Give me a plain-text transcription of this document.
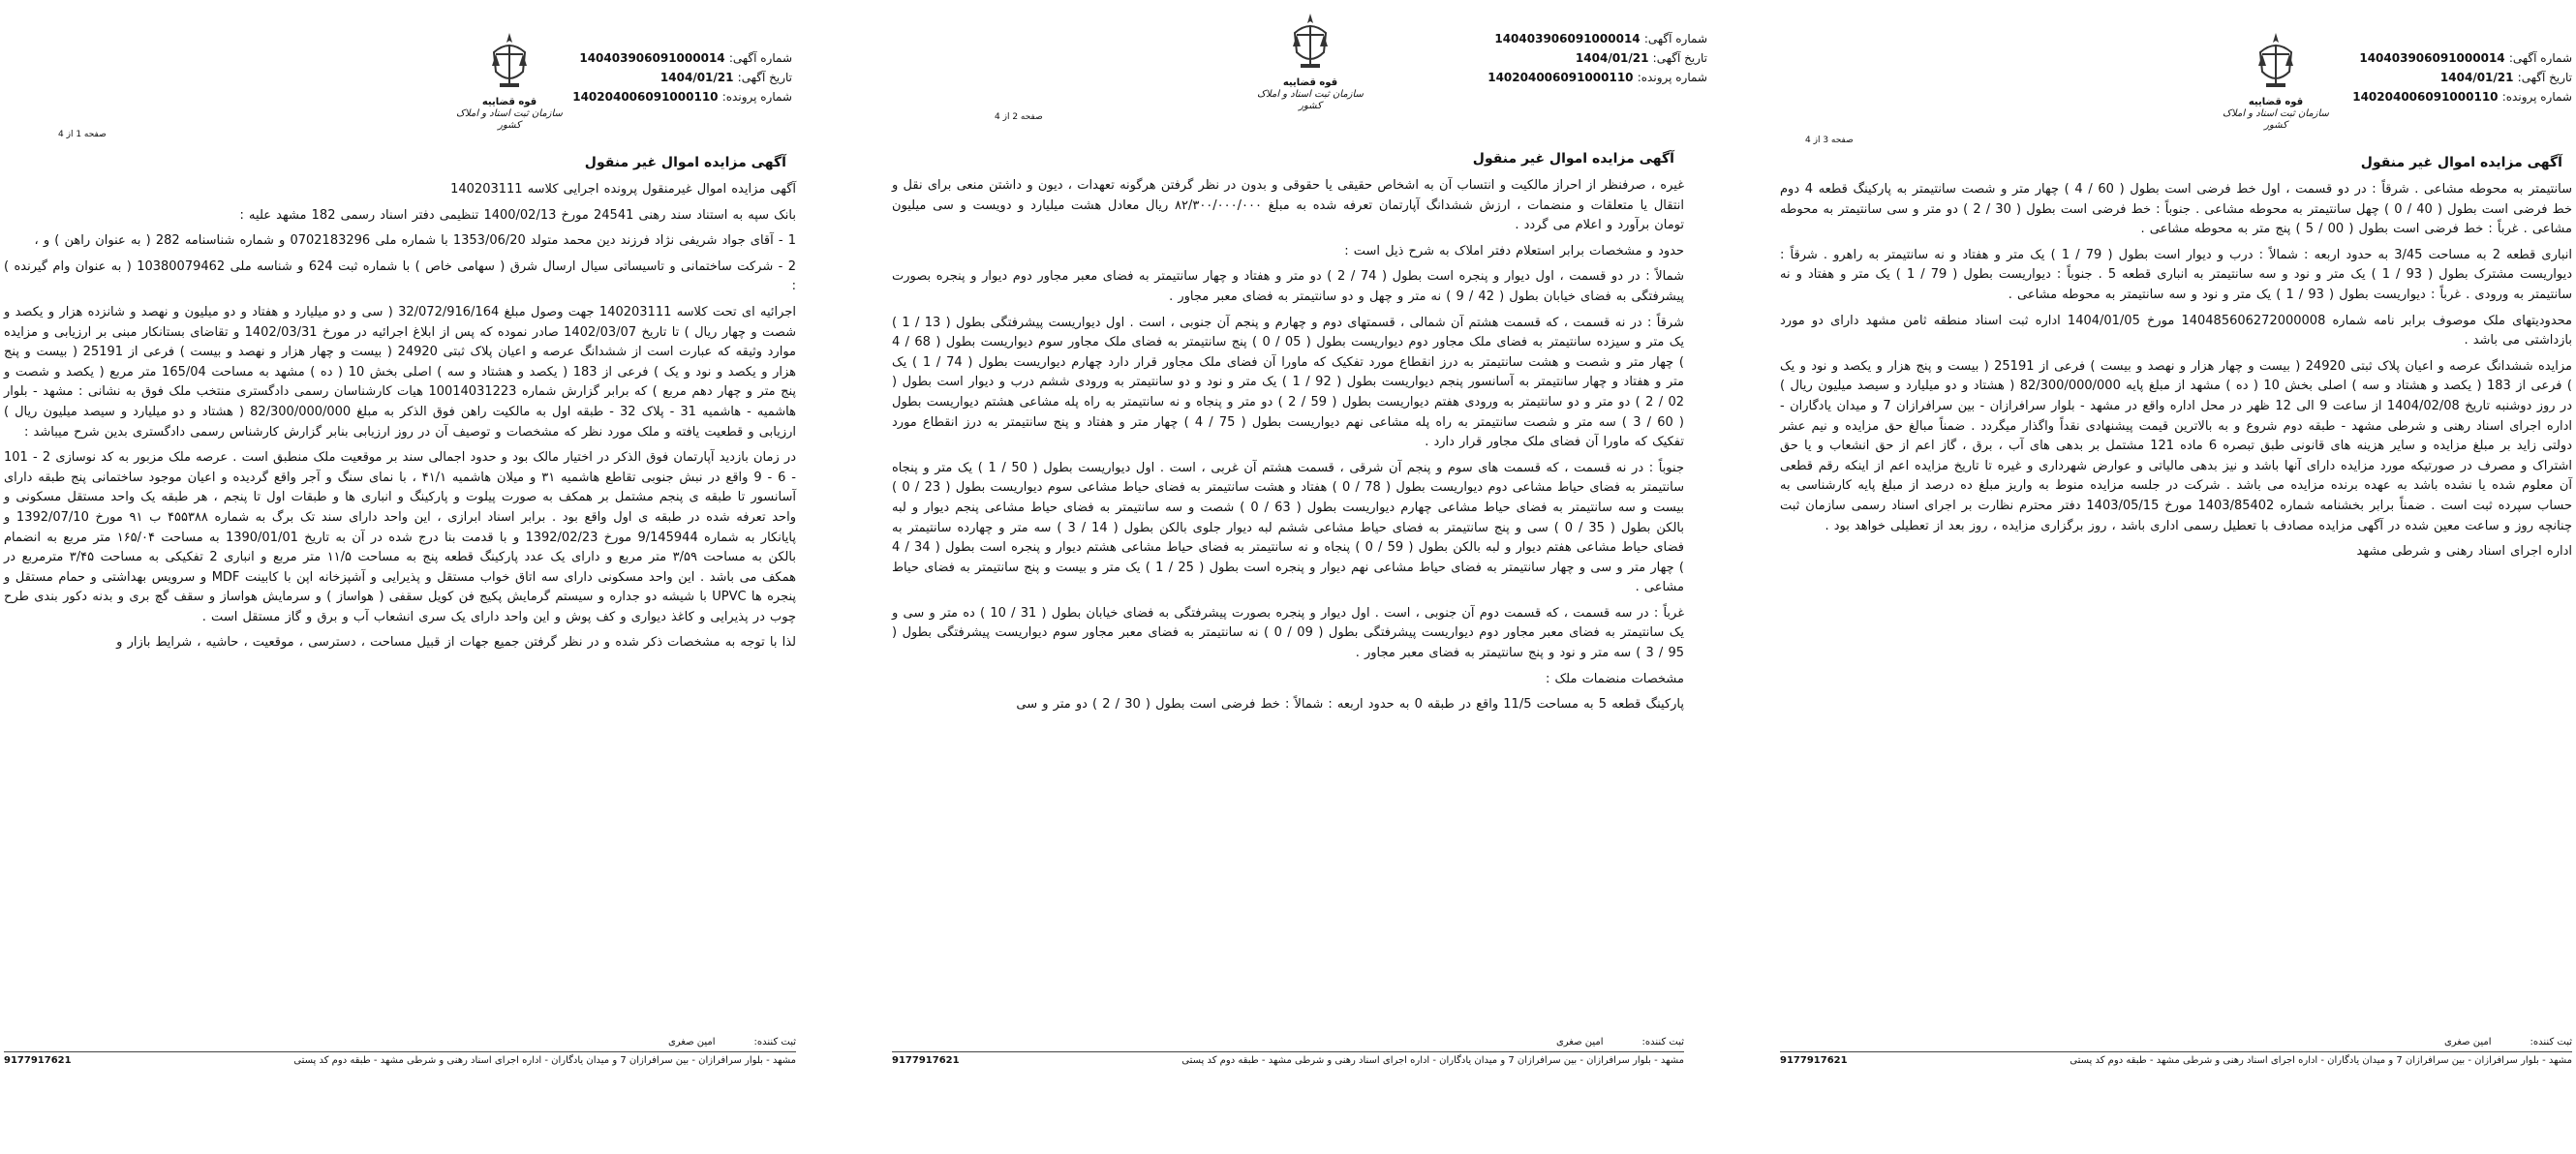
شماره آگهی: 140403906091000014
تاریخ آگهی: 1404/01/21
شماره پرونده: 140204006091000110
قوه قضاییه
سازمان ثبت اسناد و املاک کشور
صفحه 3 از 4
آگهی مزایده اموال غیر منقول

سانتیمتر به محوطه مشاعی . شرقاً : در دو قسمت ، اول خط فرضی است بطول ( 60 / 4 ) چهار متر و شصت سانتیمتر به پارکینگ قطعه 4 دوم خط فرضی است بطول ( 40 / 0 ) چهل سانتیمتر به محوطه مشاعی . جنوباً : خط فرضی است بطول ( 30 / 2 ) دو متر و سی سانتیمتر به محوطه مشاعی . غرباً : خط فرضی است بطول ( 00 / 5 ) پنج متر به محوطه مشاعی .

انباری قطعه 2 به مساحت 3/45 به حدود اربعه : شمالاً : درب و دیوار است بطول ( 79 / 1 ) یک متر و هفتاد و نه سانتیمتر به راهرو . شرقاً : دیواریست مشترک بطول ( 93 / 1 ) یک متر و نود و سه سانتیمتر به انباری قطعه 5 . جنوباً : دیواریست بطول ( 79 / 1 ) یک متر و هفتاد و نه سانتیمتر به ورودی . غرباً : دیواریست بطول ( 93 / 1 ) یک متر و نود و سه سانتیمتر به محوطه مشاعی .

محدودیتهای ملک موصوف برابر نامه شماره 140485606272000008 مورخ 1404/01/05 اداره ثبت اسناد منطقه ثامن مشهد دارای دو مورد بازداشتی می باشد .

مزایده ششدانگ عرصه و اعیان پلاک ثبتی 24920 ( بیست و چهار هزار و نهصد و بیست ) فرعی از 25191 ( بیست و پنج هزار و یکصد و نود و یک ) فرعی از 183 ( یکصد و هشتاد و سه ) اصلی بخش 10 ( ده ) مشهد از مبلغ پایه 82/300/000/000 ( هشتاد و دو میلیارد و سیصد میلیون ریال ) در روز دوشنبه تاریخ 1404/02/08 از ساعت 9 الی 12 ظهر در محل اداره واقع در مشهد - بلوار سرافرازان - بین سرافرازان 7 و میدان یادگاران - اداره اجرای اسناد رهنی و شرطی مشهد - طبقه دوم شروع و به بالاترین قیمت پیشنهادی نقداً واگذار میگردد . ضمناً مبالغ حق مزایده و نیم عشر دولتی زاید بر مبلغ مزایده و سایر هزینه های قانونی طبق تبصره 6 ماده 121 مشتمل بر بدهی های آب ، برق ، گاز اعم از حق انشعاب و یا حق اشتراک و مصرف در صورتیکه مورد مزایده دارای آنها باشد و نیز بدهی مالیاتی و عوارض شهرداری و غیره تا تاریخ مزایده اعم از اینکه رقم قطعی آن معلوم شده یا نشده باشد به عهده برنده مزایده می باشد . شرکت در جلسه مزایده منوط به واریز مبلغ ده درصد از مبلغ پایه کارشناسی به حساب سپرده ثبت است . ضمناً برابر بخشنامه شماره 1403/85402 مورخ 1403/05/15 دفتر محترم نظارت بر اجرای اسناد رسمی سازمان ثبت چنانچه روز و ساعت معین شده در آگهی مزایده مصادف با تعطیل رسمی اداری باشد ، روز برگزاری مزایده ، روز بعد از تعطیلی خواهد بود .

اداره اجرای اسناد رهنی و شرطی مشهد

ثبت کننده:
امین صغری
مشهد - بلوار سرافرازان - بین سرافرازان 7 و میدان یادگاران - اداره اجرای اسناد رهنی و شرطی مشهد - طبقه دوم کد پستی
9177917621
شماره آگهی: 140403906091000014
تاریخ آگهی: 1404/01/21
شماره پرونده: 140204006091000110
قوه قضاییه
سازمان ثبت اسناد و املاک کشور
صفحه 2 از 4
آگهی مزایده اموال غیر منقول

غیره ، صرفنظر از احراز مالکیت و انتساب آن به اشخاص حقیقی یا حقوقی و بدون در نظر گرفتن هرگونه تعهدات ، دیون و داشتن منعی برای نقل و انتقال یا متعلقات و منضمات ، ارزش ششدانگ آپارتمان تعرفه شده به مبلغ ۸۲/۳۰۰/۰۰۰/۰۰۰ ریال معادل هشت میلیارد و دویست و سی میلیون تومان برآورد و اعلام می گردد .

حدود و مشخصات برابر استعلام دفتر املاک به شرح ذیل است :

شمالاً : در دو قسمت ، اول دیوار و پنجره است بطول ( 74 / 2 ) دو متر و هفتاد و چهار سانتیمتر به فضای معبر مجاور دوم دیوار و پنجره بصورت پیشرفتگی به فضای خیابان بطول ( 42 / 9 ) نه متر و چهل و دو سانتیمتر به فضای معبر مجاور .

شرقاً : در نه قسمت ، که قسمت هشتم آن شمالی ، قسمتهای دوم و چهارم و پنجم آن جنوبی ، است . اول دیواریست پیشرفتگی بطول ( 13 / 1 ) یک متر و سیزده سانتیمتر به فضای ملک مجاور دوم دیواریست بطول ( 05 / 0 ) پنج سانتیمتر به فضای ملک مجاور سوم دیواریست بطول ( 68 / 4 ) چهار متر و شصت و هشت سانتیمتر به درز انقطاع مورد تفکیک که ماورا آن فضای ملک مجاور قرار دارد چهارم دیواریست بطول ( 74 / 1 ) یک متر و هفتاد و چهار سانتیمتر به آسانسور پنجم دیواریست بطول ( 92 / 1 ) یک متر و نود و دو سانتیمتر به ورودی ششم درب و دیوار است بطول ( 02 / 2 ) دو متر و دو سانتیمتر به ورودی هفتم دیواریست بطول ( 59 / 2 ) دو متر و پنجاه و نه سانتیمتر به راه پله مشاعی هشتم دیواریست بطول ( 60 / 3 ) سه متر و شصت سانتیمتر به راه پله مشاعی نهم دیواریست بطول ( 75 / 4 ) چهار متر و هفتاد و پنج سانتیمتر به درز انقطاع مورد تفکیک که ماورا آن فضای ملک مجاور قرار دارد .

جنوباً : در نه قسمت ، که قسمت های سوم و پنجم آن شرقی ، قسمت هشتم آن غربی ، است . اول دیواریست بطول ( 50 / 1 ) یک متر و پنجاه سانتیمتر به فضای حیاط مشاعی دوم دیواریست بطول ( 78 / 0 ) هفتاد و هشت سانتیمتر به فضای حیاط مشاعی سوم دیواریست بطول ( 23 / 0 ) بیست و سه سانتیمتر به فضای حیاط مشاعی چهارم دیواریست بطول ( 63 / 0 ) شصت و سه سانتیمتر به فضای حیاط مشاعی پنجم دیوار و لبه بالکن بطول ( 35 / 0 ) سی و پنج سانتیمتر به فضای حیاط مشاعی ششم لبه دیوار جلوی بالکن بطول ( 14 / 3 ) سه متر و چهارده سانتیمتر به فضای حیاط مشاعی هفتم دیوار و لبه بالکن بطول ( 59 / 0 ) پنجاه و نه سانتیمتر به فضای حیاط مشاعی هشتم دیوار و پنجره است بطول ( 34 / 4 ) چهار متر و سی و چهار سانتیمتر به فضای حیاط مشاعی نهم دیوار و پنجره است بطول ( 25 / 1 ) یک متر و بیست و پنج سانتیمتر به فضای حیاط مشاعی .

غرباً : در سه قسمت ، که قسمت دوم آن جنوبی ، است . اول دیوار و پنجره بصورت پیشرفتگی به فضای خیابان بطول ( 31 / 10 ) ده متر و سی و یک سانتیمتر به فضای معبر مجاور دوم دیواریست پیشرفتگی بطول ( 09 / 0 ) نه سانتیمتر به فضای معبر مجاور سوم دیواریست پیشرفتگی بطول ( 95 / 3 ) سه متر و نود و پنج سانتیمتر به فضای معبر مجاور .

مشخصات منضمات ملک :

پارکینگ قطعه 5 به مساحت 11/5 واقع در طبقه 0 به حدود اربعه : شمالاً : خط فرضی است بطول ( 30 / 2 ) دو متر و سی

ثبت کننده:
امین صغری
مشهد - بلوار سرافرازان - بین سرافرازان 7 و میدان یادگاران - اداره اجرای اسناد رهنی و شرطی مشهد - طبقه دوم کد پستی
9177917621
شماره آگهی: 140403906091000014
تاریخ آگهی: 1404/01/21
شماره پرونده: 140204006091000110
قوه قضاییه
سازمان ثبت اسناد و املاک کشور
صفحه 1 از 4
آگهی مزایده اموال غیر منقول

آگهی مزایده اموال غیرمنقول پرونده اجرایی کلاسه 140203111

بانک سپه به استناد سند رهنی 24541 مورخ 1400/02/13 تنظیمی دفتر اسناد رسمی 182 مشهد علیه :

1 - آقای جواد شریفی نژاد فرزند دین محمد متولد 1353/06/20 با شماره ملی 0702183296 و شماره شناسنامه 282 ( به عنوان راهن ) و ،

2 - شرکت ساختمانی و تاسیساتی سیال ارسال شرق ( سهامی خاص ) با شماره ثبت 624 و شناسه ملی 10380079462 ( به عنوان وام گیرنده ) :

اجرائیه ای تحت کلاسه 140203111 جهت وصول مبلغ 32/072/916/164 ( سی و دو میلیارد و هفتاد و دو میلیون و نهصد و شانزده هزار و یکصد و شصت و چهار ریال ) تا تاریخ 1402/03/07 صادر نموده که پس از ابلاغ اجرائیه در مورخ 1402/03/31 و تقاضای بستانکار مبنی بر ارزیابی و مزایده موارد وثیقه که عبارت است از ششدانگ عرصه و اعیان پلاک ثبتی 24920 ( بیست و چهار هزار و نهصد و بیست ) فرعی از 25191 ( بیست و پنج هزار و یکصد و نود و یک ) فرعی از 183 ( یکصد و هشتاد و سه ) اصلی بخش 10 ( ده ) مشهد به مساحت 165/04 متر مربع ( یکصد و شصت و پنج متر و چهار دهم مربع ) که برابر گزارش شماره 10014031223 هیات کارشناسان رسمی دادگستری منتخب ملک فوق به نشانی : مشهد - بلوار هاشمیه - هاشمیه 31 - پلاک 32 - طبقه اول به مالکیت راهن فوق الذکر به مبلغ 82/300/000/000 ( هشتاد و دو میلیارد و سیصد میلیون ریال ) ارزیابی و قطعیت یافته و ملک مورد نظر که مشخصات و توصیف آن در روز ارزیابی بنابر گزارش کارشناس رسمی دادگستری بدین شرح میباشد :

در زمان بازدید آپارتمان فوق الذکر در اختیار مالک بود و حدود اجمالی سند بر موقعیت ملک منطبق است . عرصه ملک مزبور به کد نوسازی 2 - 101 - 6 - 9 واقع در نبش جنوبی تقاطع هاشمیه ۳۱ و میلان هاشمیه ۴۱/۱ ، با نمای سنگ و آجر واقع گردیده و اعیان موجود ساختمانی پنج طبقه دارای آسانسور تا طبقه ی پنجم مشتمل بر همکف به صورت پیلوت و پارکینگ و انباری ها و طبقات اول تا پنجم ، هر طبقه یک واحد مستقل مسکونی و واحد تعرفه شده در طبقه ی اول واقع بود . برابر اسناد ابرازی ، این واحد دارای سند تک برگ به شماره ۴۵۵۳۸۸ ب ۹۱ مورخ 1392/07/10 و پایانکار به شماره 9/145944 مورخ 1392/02/23 و با قدمت بنا درج شده در آن به تاریخ 1390/01/01 به مساحت ۱۶۵/۰۴ متر مربع به انضمام بالکن به مساحت ۳/۵۹ متر مربع و دارای یک عدد پارکینگ قطعه پنج به مساحت ۱۱/۵ متر مربع و انباری 2 تفکیکی به مساحت ۳/۴۵ مترمربع در همکف می باشد . این واحد مسکونی دارای سه اتاق خواب مستقل و پذیرایی و آشپزخانه اپن با کابینت MDF و سرویس بهداشتی و حمام مستقل و پنجره ها UPVC با شیشه دو جداره و سیستم گرمایش پکیج فن کویل سقفی ( هواساز ) و سرمایش هواساز و سقف گچ بری و بدنه دکور بندی طرح چوب در پذیرایی و کاغذ دیواری و کف پوش و این واحد دارای یک سری انشعاب آب و برق و گاز مستقل است .

لذا با توجه به مشخصات ذکر شده و در نظر گرفتن جمیع جهات از قبیل مساحت ، دسترسی ، موقعیت ، حاشیه ، شرایط بازار و

ثبت کننده:
امین صغری
مشهد - بلوار سرافرازان - بین سرافرازان 7 و میدان یادگاران - اداره اجرای اسناد رهنی و شرطی مشهد - طبقه دوم کد پستی
9177917621
